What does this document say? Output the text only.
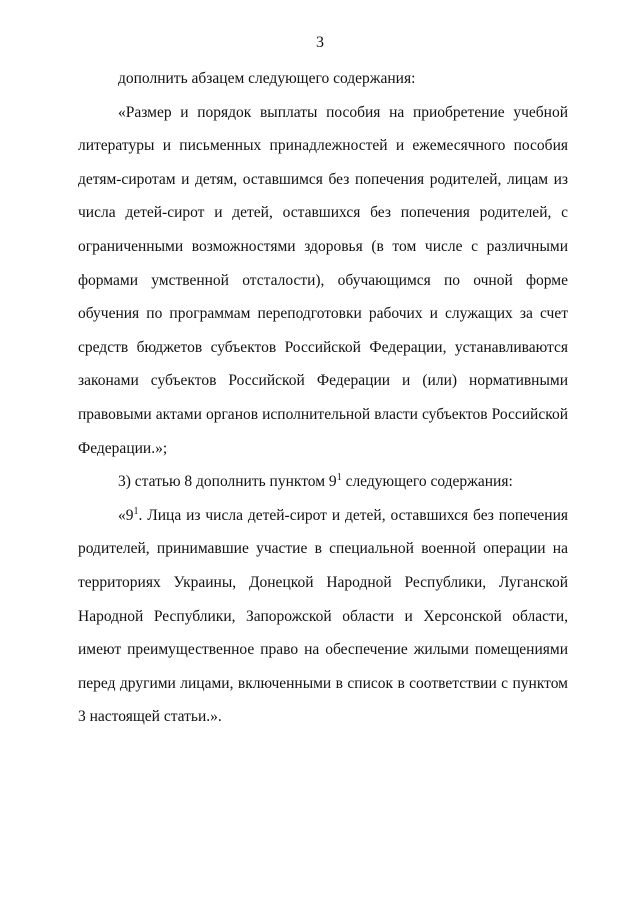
3

дополнить абзацем следующего содержания:

«Размер и порядок выплаты пособия на приобретение учебной литературы и письменных принадлежностей и ежемесячного пособия детям-сиротам и детям, оставшимся без попечения родителей, лицам из числа детей-сирот и детей, оставшихся без попечения родителей, с ограниченными возможностями здоровья (в том числе с различными формами умственной отсталости), обучающимся по очной форме обучения по программам переподготовки рабочих и служащих за счет средств бюджетов субъектов Российской Федерации, устанавливаются законами субъектов Российской Федерации и (или) нормативными правовыми актами органов исполнительной власти субъектов Российской Федерации.»;

3) статью 8 дополнить пунктом $9^1$ следующего содержания:

«$9^1$. Лица из числа детей-сирот и детей, оставшихся без попечения родителей, принимавшие участие в специальной военной операции на территориях Украины, Донецкой Народной Республики, Луганской Народной Республики, Запорожской области и Херсонской области, имеют преимущественное право на обеспечение жилыми помещениями перед другими лицами, включенными в список в соответствии с пунктом 3 настоящей статьи.».
